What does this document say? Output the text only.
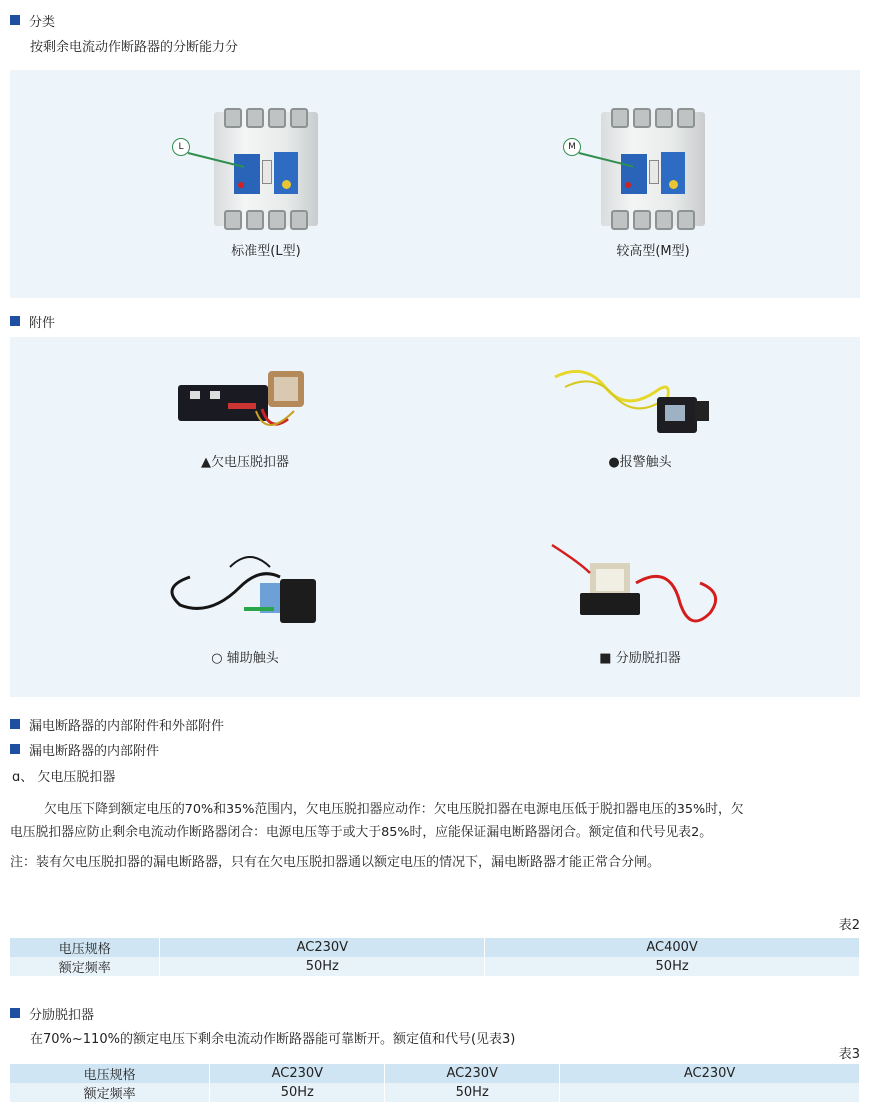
分类
按剩余电流动作断路器的分断能力分
标准型(L型)
L
较高型(M型)
M
附件
▲欠电压脱扣器	●报警触头
○ 辅助触头	■ 分励脱扣器
漏电断路器的内部附件和外部附件
漏电断路器的内部附件
ɑ、 欠电压脱扣器
欠电压下降到额定电压的70%和35%范围内，欠电压脱扣器应动作：欠电压脱扣器在电源电压低于脱扣器电压的35%时，欠
电压脱扣器应防止剩余电流动作断路器闭合：电源电压等于或大于85%时，应能保证漏电断路器闭合。额定值和代号见表2。
注：装有欠电压脱扣器的漏电断路器，只有在欠电压脱扣器通以额定电压的情况下，漏电断路器才能正常合分闸。
表2
电压规格	AC230V	AC400V
额定频率	50Hz	50Hz
分励脱扣器
在70%~110%的额定电压下剩余电流动作断路器能可靠断开。额定值和代号(见表3)
表3
电压规格	AC230V	AC230V	AC230V
额定频率	50Hz	50Hz	
